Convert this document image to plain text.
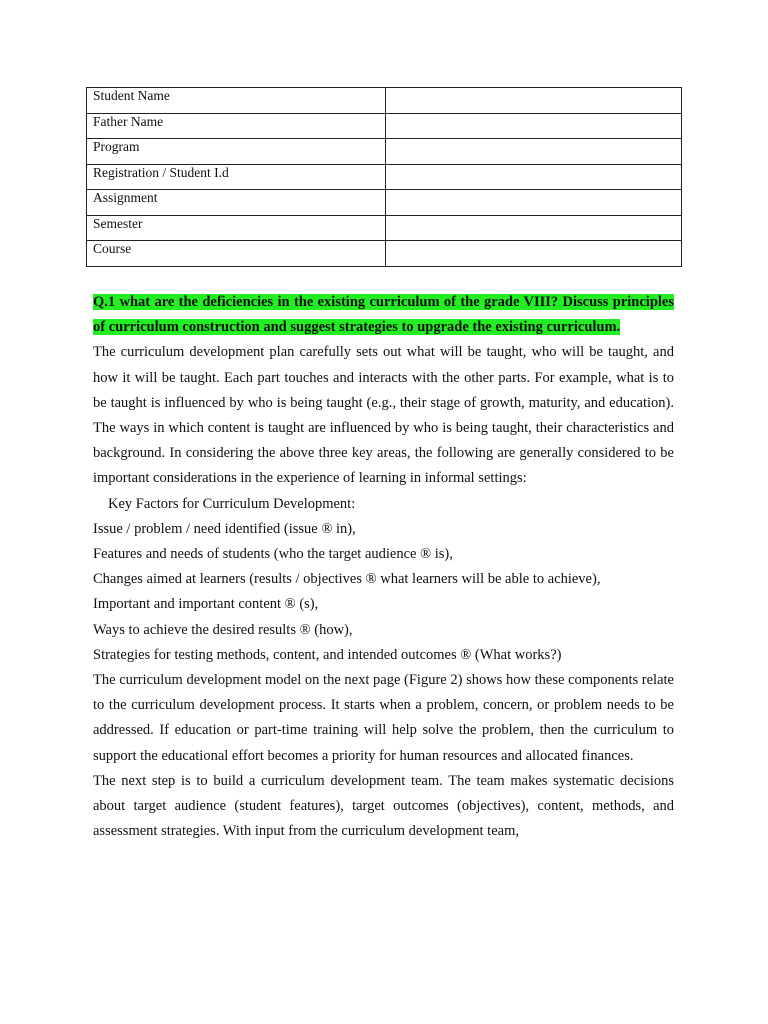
Student Name	
Father Name	
Program	
Registration / Student I.d	
Assignment	
Semester	
Course	

Q.1 what are the deficiencies in the existing curriculum of the grade VIII? Discuss principles of curriculum construction and suggest strategies to upgrade the existing curriculum.

The curriculum development plan carefully sets out what will be taught, who will be taught, and how it will be taught. Each part touches and interacts with the other parts. For example, what is to be taught is influenced by who is being taught (e.g., their stage of growth, maturity, and education). The ways in which content is taught are influenced by who is being taught, their characteristics and background. In considering the above three key areas, the following are generally considered to be important considerations in the experience of learning in informal settings:

Key Factors for Curriculum Development:

Issue / problem / need identified (issue ® in),

Features and needs of students (who the target audience ® is),

Changes aimed at learners (results / objectives ® what learners will be able to achieve),

Important and important content ® (s),

Ways to achieve the desired results ® (how),

Strategies for testing methods, content, and intended outcomes ® (What works?)

The curriculum development model on the next page (Figure 2) shows how these components relate to the curriculum development process. It starts when a problem, concern, or problem needs to be addressed. If education or part-time training will help solve the problem, then the curriculum to support the educational effort becomes a priority for human resources and allocated finances.

The next step is to build a curriculum development team. The team makes systematic decisions about target audience (student features), target outcomes (objectives), content, methods, and assessment strategies. With input from the curriculum development team,
